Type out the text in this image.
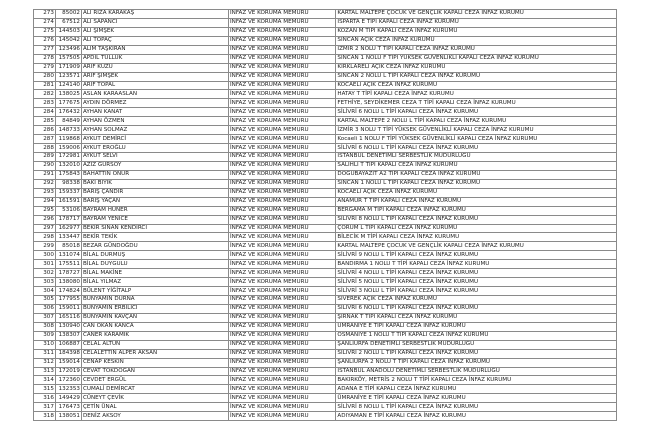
273	85002	ALİ RIZA KARAKAŞ	İNFAZ VE KORUMA MEMURU	KARTAL MALTEPE ÇOCUK VE GENÇLİK KAPALI CEZA İNFAZ KURUMU
274	67512	ALİ SAPANCI	İNFAZ VE KORUMA MEMURU	ISPARTA E TİPİ KAPALI CEZA İNFAZ KURUMU
275	144503	ALİ ŞİMŞEK	İNFAZ VE KORUMA MEMURU	KOZAN M TİPİ KAPALI CEZA İNFAZ KURUMU
276	145042	ALİ TOPAÇ	İNFAZ VE KORUMA MEMURU	SİNCAN AÇIK CEZA İNFAZ KURUMU
277	123496	ALİM TAŞKIRAN	İNFAZ VE KORUMA MEMURU	İZMİR 2 NOLU T TİPİ KAPALI CEZA İNFAZ KURUMU
278	157505	APDİL TULLUK	İNFAZ VE KORUMA MEMURU	SİNCAN 1 NOLU F TİPİ YÜKSEK GÜVENLİKLİ KAPALI CEZA İNFAZ KURUMU
279	171909	ARİF KUZU	İNFAZ VE KORUMA MEMURU	KIRKLARELİ AÇIK CEZA İNFAZ KURUMU
280	123571	ARİF ŞİMŞEK	İNFAZ VE KORUMA MEMURU	SİNCAN 2 NOLU L TİPİ KAPALI CEZA İNFAZ KURUMU
281	124140	ARİF TOPAL	İNFAZ VE KORUMA MEMURU	KOCAELİ AÇIK CEZA İNFAZ KURUMU
282	138025	ASLAN KARAASLAN	İNFAZ VE KORUMA MEMURU	HATAY T TİPİ KAPALI CEZA İNFAZ KURUMU
283	177675	AYDIN DÖRMEZ	İNFAZ VE KORUMA MEMURU	FETHİYE, SEYDİKEMER CEZA T TİPİ KAPALI CEZA İNFAZ KURUMU
284	176432	AYHAN KANAT	İNFAZ VE KORUMA MEMURU	SİLİVRİ 6 NOLU L TİPİ KAPALI CEZA İNFAZ KURUMU
285	84849	AYHAN ÖZMEN	İNFAZ VE KORUMA MEMURU	KARTAL MALTEPE 2 NOLU L TİPİ KAPALI CEZA İNFAZ KURUMU
286	148733	AYHAN SOLMAZ	İNFAZ VE KORUMA MEMURU	İZMİR 3 NOLU T TİPİ YÜKSEK GÜVENLİKLİ KAPALI CEZA İNFAZ KURUMU
287	119868	AYKUT DEMİRCİ	İNFAZ VE KORUMA MEMURU	Kocaeli 1 NOLU F TİPİ YÜKSEK GÜVENLİKLİ KAPALI CEZA İNFAZ KURUMU
288	159006	AYKUT EROĞLU	İNFAZ VE KORUMA MEMURU	SİLİVRİ 6 NOLU L TİPİ KAPALI CEZA İNFAZ KURUMU
289	172981	AYKUT SELVİ	İNFAZ VE KORUMA MEMURU	İSTANBUL DENETİMLİ SERBESTLİK MÜDÜRLÜĞÜ
290	132010	AZİZ GÜRSOY	İNFAZ VE KORUMA MEMURU	SALİHLİ T TİPİ KAPALI CEZA İNFAZ KURUMU
291	175843	BAHATTİN ONUR	İNFAZ VE KORUMA MEMURU	DOĞUBAYAZIT A2 TİPİ KAPALI CEZA İNFAZ KURUMU
292	98338	BAKİ BIYIK	İNFAZ VE KORUMA MEMURU	SİNCAN 1 NOLU L TİPİ KAPALI CEZA İNFAZ KURUMU
293	159337	BARIŞ ÇANDIR	İNFAZ VE KORUMA MEMURU	KOCAELİ AÇIK CEZA İNFAZ KURUMU
294	161591	BARIŞ YAÇAN	İNFAZ VE KORUMA MEMURU	ANAMUR T TİPİ KAPALI CEZA İNFAZ KURUMU
295	53106	BAYRAM HÜNER	İNFAZ VE KORUMA MEMURU	BERGAMA M TİPİ KAPALI CEZA İNFAZ KURUMU
296	178717	BAYRAM YENİCE	İNFAZ VE KORUMA MEMURU	SİLİVRİ 8 NOLU L TİPİ KAPALI CEZA İNFAZ KURUMU
297	162977	BEKİR SİNAN KENDİRCİ	İNFAZ VE KORUMA MEMURU	ÇORUM L TİPİ KAPALI CEZA İNFAZ KURUMU
298	133447	BEKİR TEKİK	İNFAZ VE KORUMA MEMURU	BİLECİK M TİPİ KAPALI CEZA İNFAZ KURUMU
299	85018	BEZAR GÜNDOĞDU	İNFAZ VE KORUMA MEMURU	KARTAL MALTEPE ÇOCUK VE GENÇLİK KAPALI CEZA İNFAZ KURUMU
300	131074	BİLAL DURMUŞ	İNFAZ VE KORUMA MEMURU	SİLİVRİ 9 NOLU L TİPİ KAPALI CEZA İNFAZ KURUMU
301	175511	BİLAL DUYGULU	İNFAZ VE KORUMA MEMURU	BANDIRMA 1 NOLU T TİPİ KAPALI CEZA İNFAZ KURUMU
302	178727	BİLAL MAKİNE	İNFAZ VE KORUMA MEMURU	SİLİVRİ 4 NOLU L TİPİ KAPALI CEZA İNFAZ KURUMU
303	138080	BİLAL YILMAZ	İNFAZ VE KORUMA MEMURU	SİLİVRİ 5 NOLU L TİPİ KAPALI CEZA İNFAZ KURUMU
304	174824	BÜLENT YİĞİTALP	İNFAZ VE KORUMA MEMURU	SİLİVRİ 3 NOLU L TİPİ KAPALI CEZA İNFAZ KURUMU
305	177955	BÜNYAMİN DURNA	İNFAZ VE KORUMA MEMURU	SİVEREK AÇIK CEZA İNFAZ KURUMU
306	159011	BÜNYAMİN ERBİLİCİ	İNFAZ VE KORUMA MEMURU	SİLİVRİ 6 NOLU L TİPİ KAPALI CEZA İNFAZ KURUMU
307	165116	BÜNYAMİN KAVÇAN	İNFAZ VE KORUMA MEMURU	ŞIRNAK T TİPİ KAPALI CEZA İNFAZ KURUMU
308	130940	CAN OKAN KANCA	İNFAZ VE KORUMA MEMURU	ÜMRANİYE E TİPİ KAPALI CEZA İNFAZ KURUMU
309	138307	CANER KARAMIK	İNFAZ VE KORUMA MEMURU	OSMANİYE 1 NOLU T TİPİ KAPALI CEZA İNFAZ KURUMU
310	106887	CELAL ALTUN	İNFAZ VE KORUMA MEMURU	ŞANLIURFA DENETİMLİ SERBESTLİK MÜDÜRLÜĞÜ
311	184398	CELALETTİN ALPER AKSAN	İNFAZ VE KORUMA MEMURU	SİLİVRİ 2 NOLU L TİPİ KAPALI CEZA İNFAZ KURUMU
312	159014	CENAP KESKİN	İNFAZ VE KORUMA MEMURU	ŞANLIURFA 2 NOLU T TİPİ KAPALI CEZA İNFAZ KURUMU
313	172019	CEVAT TOKDOĞAN	İNFAZ VE KORUMA MEMURU	İSTANBUL ANADOLU DENETİMLİ SERBESTLİK MÜDÜRLÜĞÜ
314	172360	CEVDET ERGÜL	İNFAZ VE KORUMA MEMURU	BAKIRKÖY, METRİS 2 NOLU T TİPİ KAPALI CEZA İNFAZ KURUMU
315	132353	CUMALİ DEMİRCAT	İNFAZ VE KORUMA MEMURU	ADANA E TİPİ KAPALI CEZA İNFAZ KURUMU
316	149429	CÜNEYT ÇEVİK	İNFAZ VE KORUMA MEMURU	ÜMRANİYE E TİPİ KAPALI CEZA İNFAZ KURUMU
317	176473	ÇETİN ÜNAL	İNFAZ VE KORUMA MEMURU	SİLİVRİ 8 NOLU L TİPİ KAPALI CEZA İNFAZ KURUMU
318	138051	DENİZ AKSOY	İNFAZ VE KORUMA MEMURU	ADIYAMAN E TİPİ KAPALI CEZA İNFAZ KURUMU
